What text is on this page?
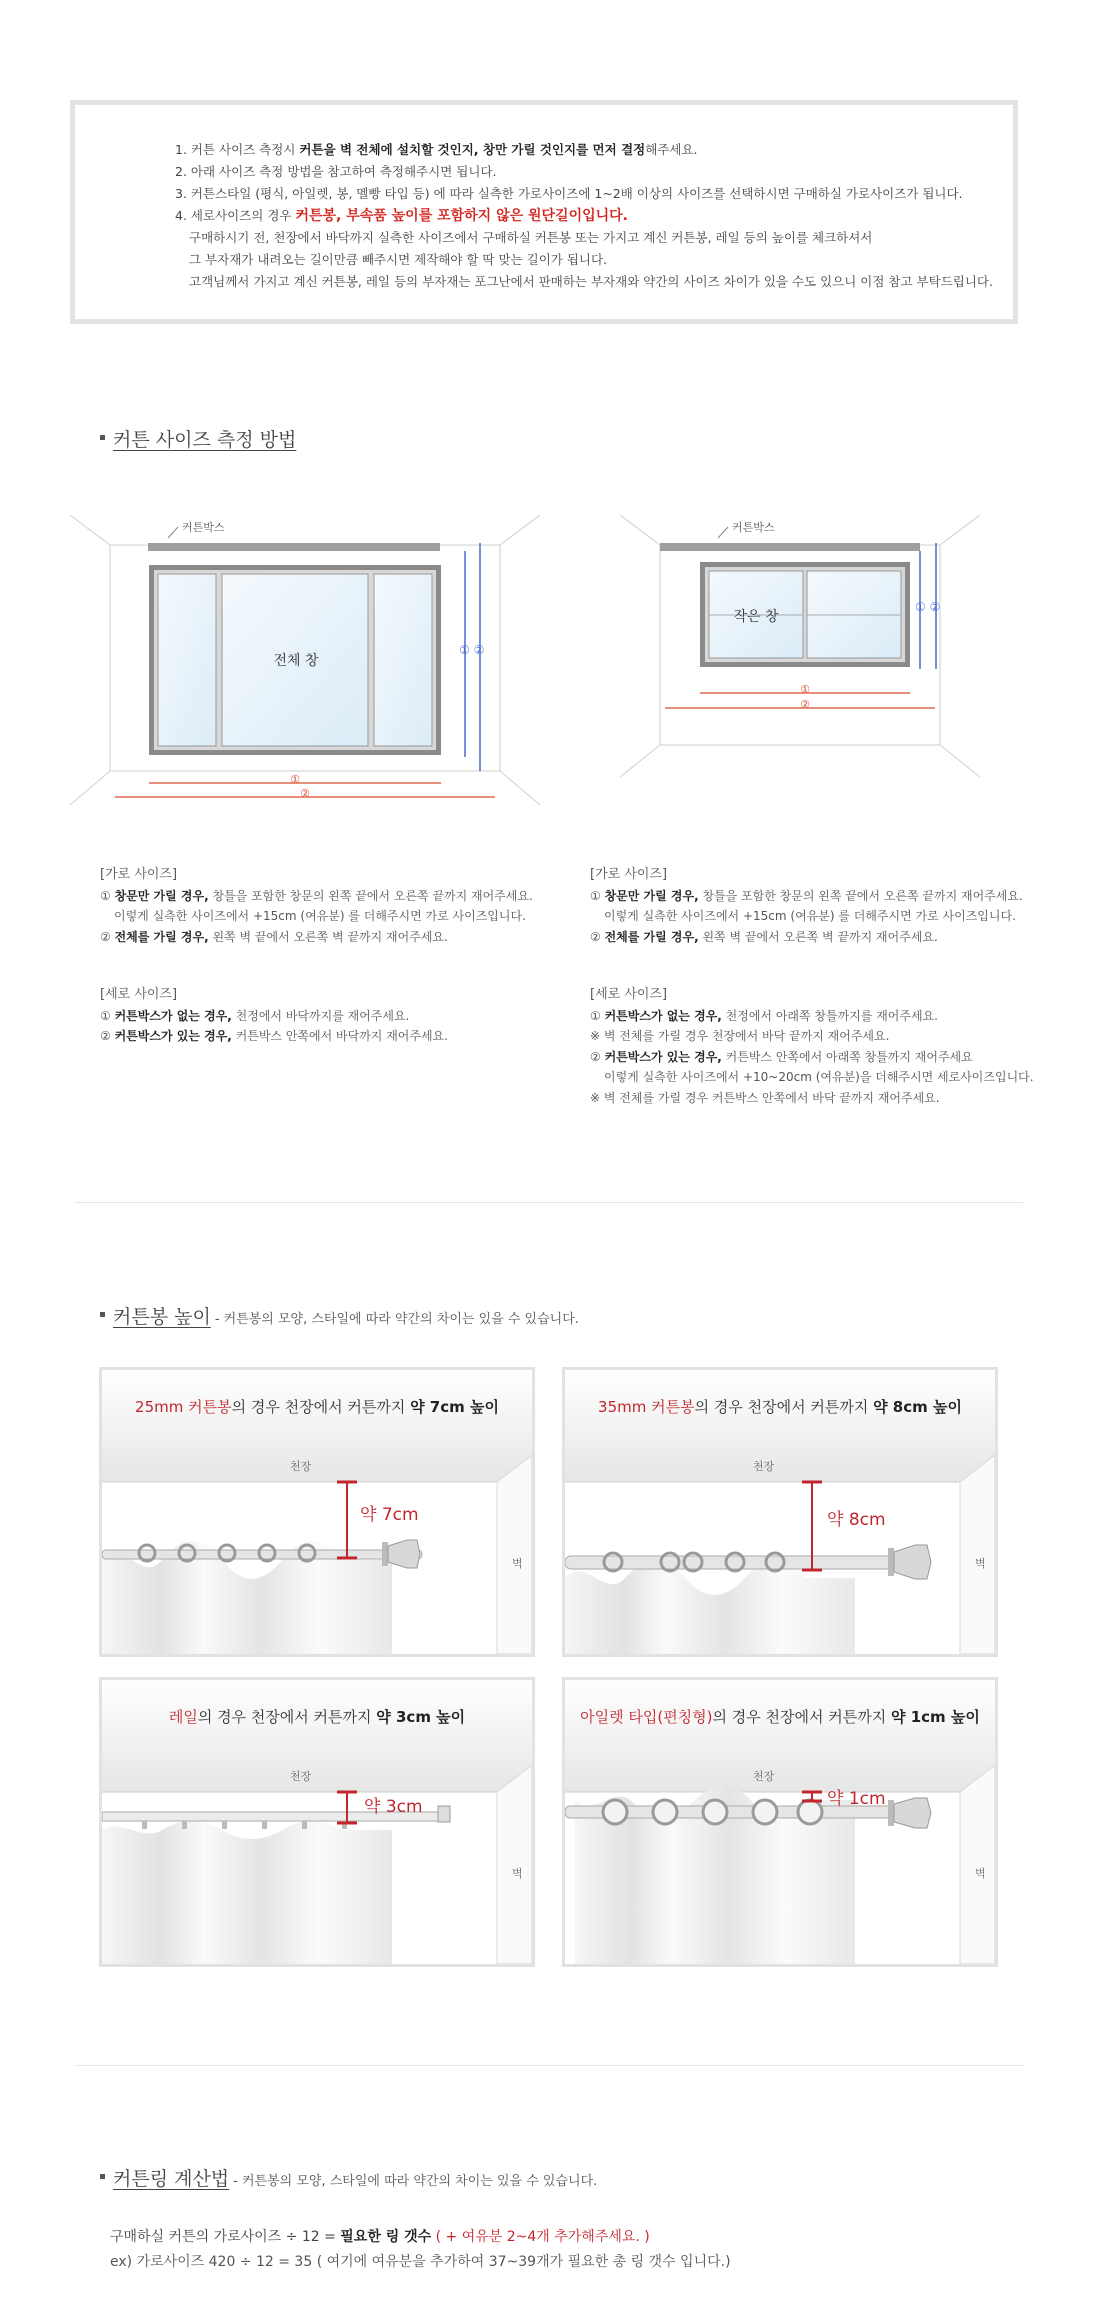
1. 커튼 사이즈 측정시 커튼을 벽 전체에 설치할 것인지, 창만 가릴 것인지를 먼저 결정해주세요.
2. 아래 사이즈 측정 방법을 참고하여 측정해주시면 됩니다.
3. 커튼스타일 (평식, 아일렛, 봉, 멜빵 타입 등) 에 따라 실측한 가로사이즈에 1~2배 이상의 사이즈를 선택하시면 구매하실 가로사이즈가 됩니다.
4. 세로사이즈의 경우 커튼봉, 부속품 높이를 포함하지 않은 원단길이입니다.
구매하시기 전, 천장에서 바닥까지 실측한 사이즈에서 구매하실 커튼봉 또는 가지고 계신 커튼봉, 레일 등의 높이를 체크하셔서
그 부자재가 내려오는 길이만큼 빼주시면 제작해야 할 딱 맞는 길이가 됩니다.
고객님께서 가지고 계신 커튼봉, 레일 등의 부자재는 포그난에서 판매하는 부자재와 약간의 사이즈 차이가 있을 수도 있으니 이점 참고 부탁드립니다.
커튼 사이즈 측정 방법
커튼박스
전체 창
① ②
①
②
커튼박스
작은 창
① ②
①
②
[가로 사이즈]
① 창문만 가릴 경우, 창틀을 포함한 창문의 왼쪽 끝에서 오른쪽 끝까지 재어주세요.
이렇게 실측한 사이즈에서 +15cm (여유분) 를 더해주시면 가로 사이즈입니다.
② 전체를 가릴 경우, 왼쪽 벽 끝에서 오른쪽 벽 끝까지 재어주세요.
[세로 사이즈]
① 커튼박스가 없는 경우, 천정에서 바닥까지를 재어주세요.
② 커튼박스가 있는 경우, 커튼박스 안쪽에서 바닥까지 재어주세요.
[가로 사이즈]
① 창문만 가릴 경우, 창틀을 포함한 창문의 왼쪽 끝에서 오른쪽 끝까지 재어주세요.
이렇게 실측한 사이즈에서 +15cm (여유분) 를 더해주시면 가로 사이즈입니다.
② 전체를 가릴 경우, 왼쪽 벽 끝에서 오른쪽 벽 끝까지 재어주세요.
[세로 사이즈]
① 커튼박스가 없는 경우, 천정에서 아래쪽 창틀까지를 재어주세요.
※ 벽 전체를 가릴 경우 천장에서 바닥 끝까지 재어주세요.
② 커튼박스가 있는 경우, 커튼박스 안쪽에서 아래쪽 창틀까지 재어주세요
이렇게 실측한 사이즈에서 +10~20cm (여유분)을 더해주시면 세로사이즈입니다.
※ 벽 전체를 가릴 경우 커튼박스 안쪽에서 바닥 끝까지 재어주세요.
커튼봉 높이 - 커튼봉의 모양, 스타일에 따라 약간의 차이는 있을 수 있습니다.
25mm 커튼봉의 경우 천장에서 커튼까지 약 7cm 높이
천장
벽
약 7cm
35mm 커튼봉의 경우 천장에서 커튼까지 약 8cm 높이
천장
벽
약 8cm
레일의 경우 천장에서 커튼까지 약 3cm 높이
천장
벽
약 3cm
아일렛 타입(편칭형)의 경우 천장에서 커튼까지 약 1cm 높이
천장
벽
약 1cm
커튼링 계산법 - 커튼봉의 모양, 스타일에 따라 약간의 차이는 있을 수 있습니다.
구매하실 커튼의 가로사이즈 ÷ 12 = 필요한 링 갯수 ( + 여유분 2~4개 추가해주세요. )
ex) 가로사이즈 420 ÷ 12 = 35 ( 여기에 여유분을 추가하여 37~39개가 필요한 총 링 갯수 입니다.)
